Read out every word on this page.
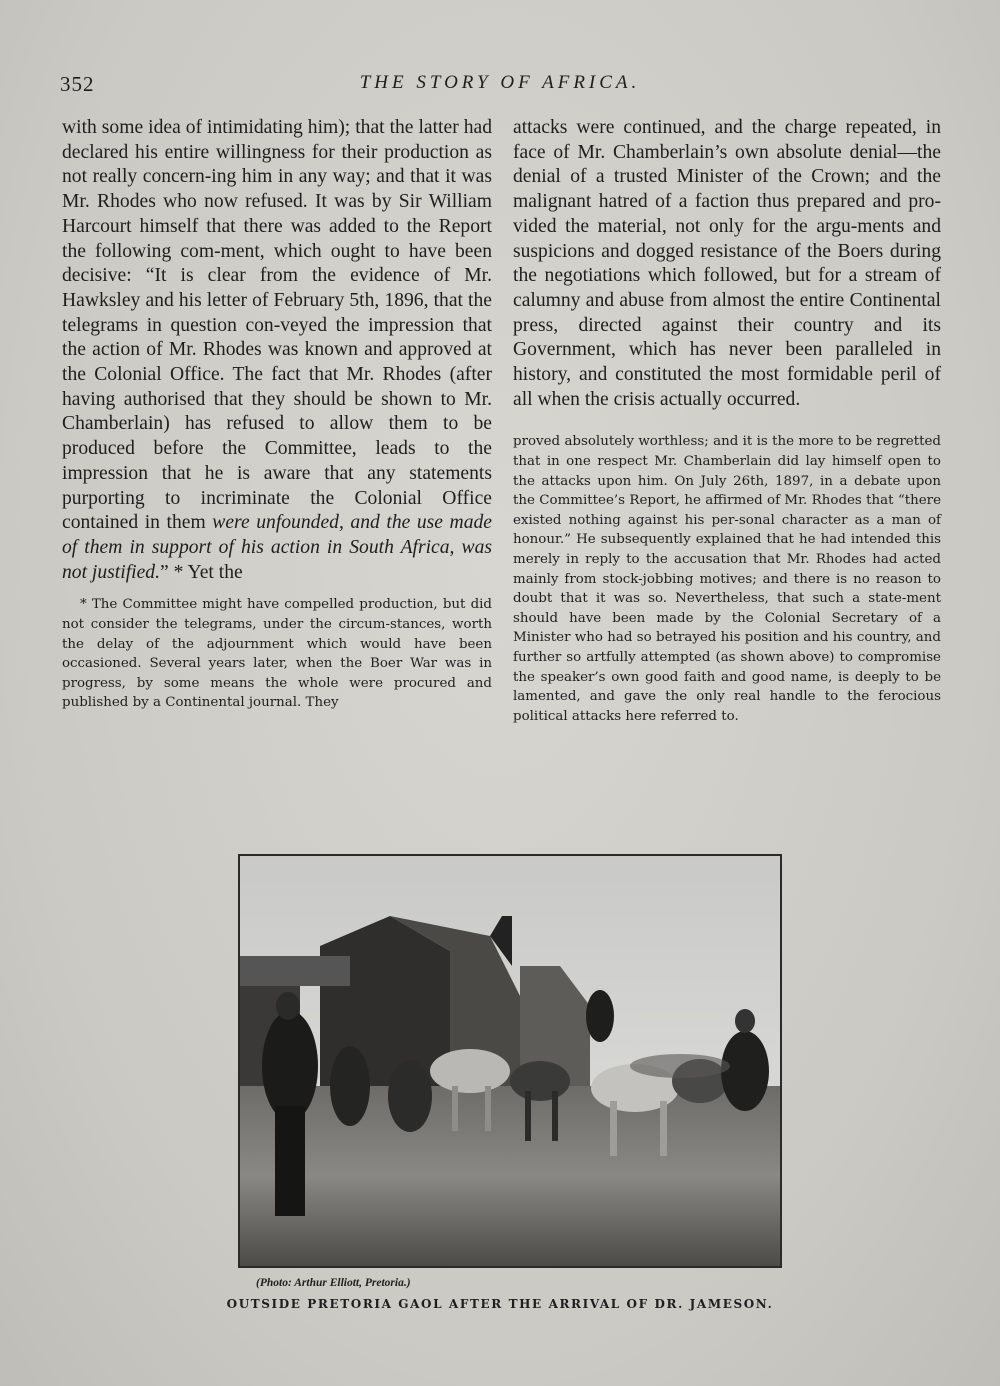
352	THE STORY OF AFRICA.

with some idea of intimidating him); that the latter had declared his entire willingness for their production as not really concern-ing him in any way; and that it was Mr. Rhodes who now refused. It was by Sir William Harcourt himself that there was added to the Report the following com-ment, which ought to have been decisive: “It is clear from the evidence of Mr. Hawksley and his letter of February 5th, 1896, that the telegrams in question con-veyed the impression that the action of Mr. Rhodes was known and approved at the Colonial Office. The fact that Mr. Rhodes (after having authorised that they should be shown to Mr. Chamberlain) has refused to allow them to be produced before the Committee, leads to the impression that he is aware that any statements purporting to incriminate the Colonial Office contained in them were unfounded, and the use made of them in support of his action in South Africa, was not justified.” * Yet the

* The Committee might have compelled production, but did not consider the telegrams, under the circum-stances, worth the delay of the adjournment which would have been occasioned. Several years later, when the Boer War was in progress, by some means the whole were procured and published by a Continental journal. They

attacks were continued, and the charge repeated, in face of Mr. Chamberlain’s own absolute denial—the denial of a trusted Minister of the Crown; and the malignant hatred of a faction thus prepared and pro-vided the material, not only for the argu-ments and suspicions and dogged resistance of the Boers during the negotiations which followed, but for a stream of calumny and abuse from almost the entire Continental press, directed against their country and its Government, which has never been paralleled in history, and constituted the most formidable peril of all when the crisis actually occurred.

proved absolutely worthless; and it is the more to be regretted that in one respect Mr. Chamberlain did lay himself open to the attacks upon him. On July 26th, 1897, in a debate upon the Committee’s Report, he affirmed of Mr. Rhodes that “there existed nothing against his per-sonal character as a man of honour.” He subsequently explained that he had intended this merely in reply to the accusation that Mr. Rhodes had acted mainly from stock-jobbing motives; and there is no reason to doubt that it was so. Nevertheless, that such a state-ment should have been made by the Colonial Secretary of a Minister who had so betrayed his position and his country, and further so artfully attempted (as shown above) to compromise the speaker’s own good faith and good name, is deeply to be lamented, and gave the only real handle to the ferocious political attacks here referred to.

(Photo: Arthur Elliott, Pretoria.)
OUTSIDE PRETORIA GAOL AFTER THE ARRIVAL OF DR. JAMESON.
